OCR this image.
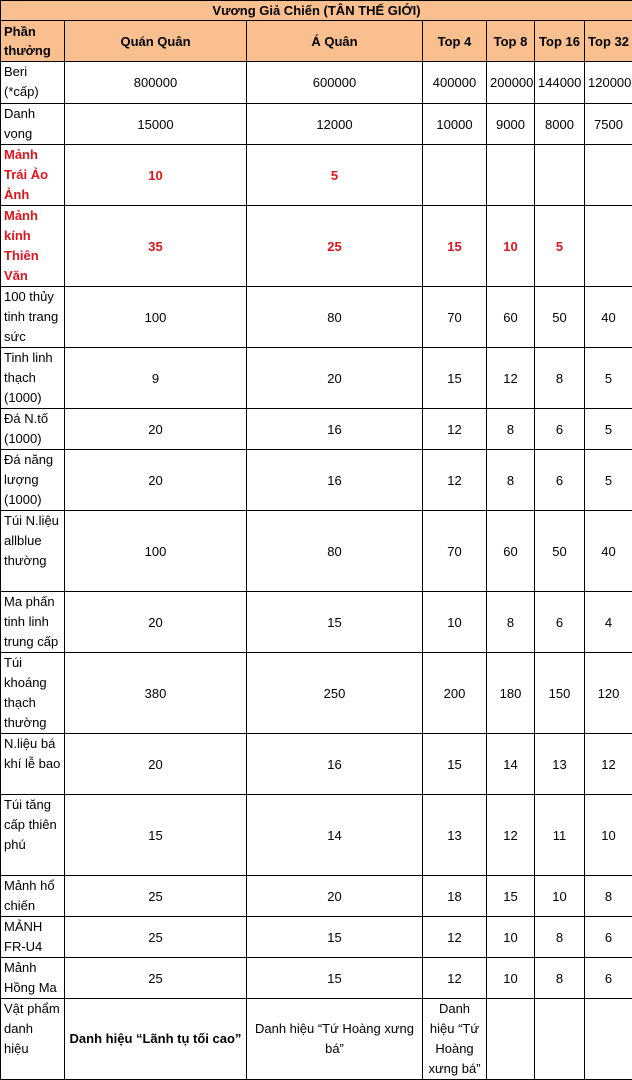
Vương Giả Chiến (TÂN THẾ GIỚI)						
Phần thưởng	Quán Quân	Á Quân	Top 4	Top 8	Top 16	Top 32
Beri (*cấp)	800000	600000	400000	200000	144000	120000
Danh vọng	15000	12000	10000	9000	8000	7500
Mảnh Trái Ảo Ảnh	10	5				
Mảnh kính Thiên Văn	35	25	15	10	5	
100 thủy tinh trang sức	100	80	70	60	50	40
Tinh linh thạch (1000)	9	20	15	12	8	5
Đá N.tố (1000)	20	16	12	8	6	5
Đá năng lượng (1000)	20	16	12	8	6	5
Túi N.liệu allblue thường	100	80	70	60	50	40
Ma phấn tinh linh trung cấp	20	15	10	8	6	4
Túi khoáng thạch thường	380	250	200	180	150	120
N.liệu bá khí lễ bao	20	16	15	14	13	12
Túi tăng cấp thiên phú	15	14	13	12	11	10
Mảnh hổ chiến	25	20	18	15	10	8
MẢNH FR-U4	25	15	12	10	8	6
Mảnh Hồng Ma	25	15	12	10	8	6
Vật phẩm danh hiệu	Danh hiệu “Lãnh tụ tối cao”	Danh hiệu “Tứ Hoàng xưng bá”	Danh hiệu “Tứ Hoàng xưng bá”			
